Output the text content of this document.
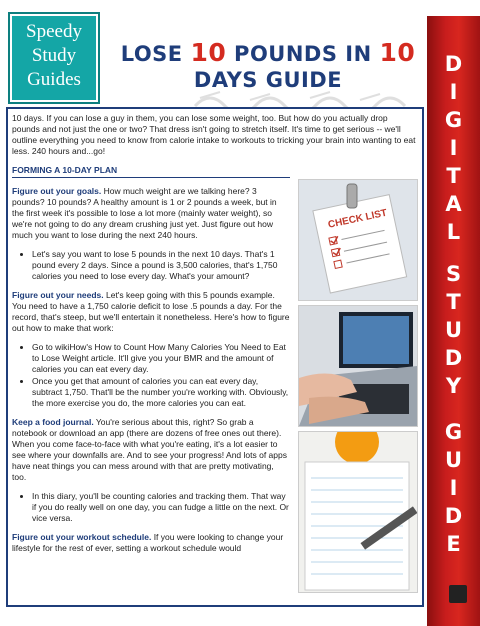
Speedy
Study
Guides
LOSE 10 POUNDS IN 10
DAYS GUIDE
10 days. If you can lose a guy in them, you can lose some weight, too. But how do you actually drop pounds and not just the one or two? That dress isn't going to stretch itself. It's time to get serious -- we'll outline everything you need to know from calorie intake to workouts to tricking your brain into wanting to eat less. 240 hours and...go!
FORMING A 10-DAY PLAN

Figure out your goals. How much weight are we talking here? 3 pounds? 10 pounds? A healthy amount is 1 or 2 pounds a week, but in the first week it's possible to lose a lot more (mainly water weight), so we're not going to do any dream crushing just yet. Just figure out how much you want to lose during the next 240 hours.

• Let's say you want to lose 5 pounds in the next 10 days. That's 1 pound every 2 days. Since a pound is 3,500 calories, that's 1,750 calories you need to lose every day. What's your amount?

Figure out your needs. Let's keep going with this 5 pounds example. You need to have a 1,750 calorie deficit to lose .5 pounds a day. For the record, that's steep, but we'll entertain it nonetheless. Here's how to figure out how to make that work:

• Go to wikiHow's How to Count How Many Calories You Need to Eat to Lose Weight article. It'll give you your BMR and the amount of calories you can eat every day.
• Once you get that amount of calories you can eat every day, subtract 1,750. That'll be the number you're working with. Obviously, the more exercise you do, the more calories you can eat.

Keep a food journal. You're serious about this, right? So grab a notebook or download an app (there are dozens of free ones out there). When you come face-to-face with what you're eating, it's a lot easier to see where your downfalls are. And to see your progress! And lots of apps have neat things you can mess around with that are pretty motivating, too.

• In this diary, you'll be counting calories and tracking them. That way if you do really well on one day, you can fudge a little on the next. Or vice versa.

Figure out your workout schedule. If you were looking to change your lifestyle for the rest of ever, setting a workout schedule would

CHECK LIST
D
I
G
I
T
A
L
S
T
U
D
Y
G
U
I
D
E
